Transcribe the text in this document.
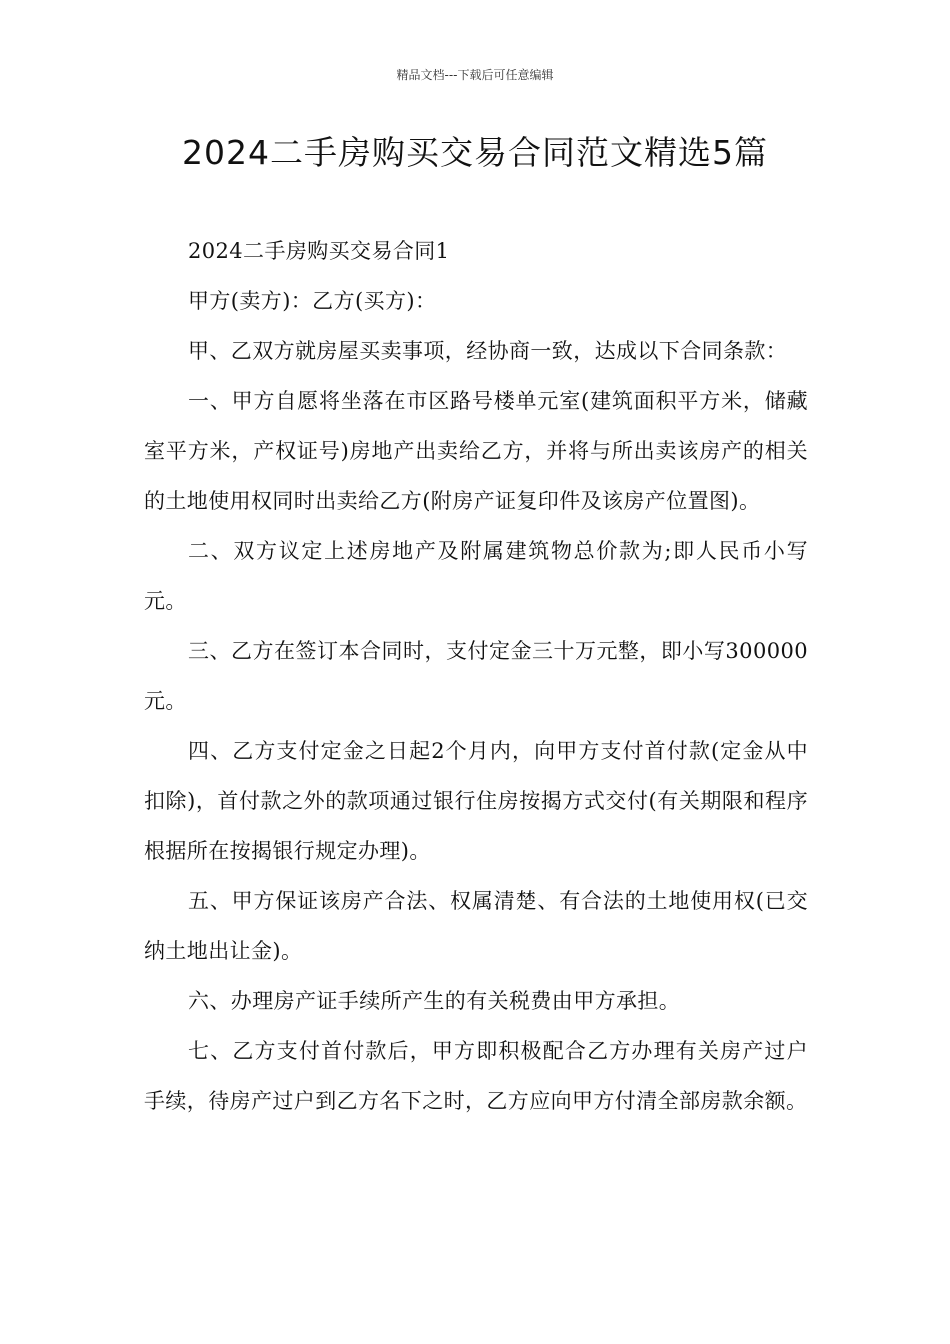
精品文档---下载后可任意编辑
2024二手房购买交易合同范文精选5篇

2024二手房购买交易合同1

甲方(卖方)：乙方(买方)：

甲、乙双方就房屋买卖事项，经协商一致，达成以下合同条款：

一、甲方自愿将坐落在市区路号楼单元室(建筑面积平方米，储藏室平方米，产权证号)房地产出卖给乙方，并将与所出卖该房产的相关的土地使用权同时出卖给乙方(附房产证复印件及该房产位置图)。

二、双方议定上述房地产及附属建筑物总价款为;即人民币小写元。

三、乙方在签订本合同时，支付定金三十万元整，即小写300000元。

四、乙方支付定金之日起2个月内，向甲方支付首付款(定金从中扣除)，首付款之外的款项通过银行住房按揭方式交付(有关期限和程序根据所在按揭银行规定办理)。

五、甲方保证该房产合法、权属清楚、有合法的土地使用权(已交纳土地出让金)。

六、办理房产证手续所产生的有关税费由甲方承担。

七、乙方支付首付款后，甲方即积极配合乙方办理有关房产过户手续，待房产过户到乙方名下之时，乙方应向甲方付清全部房款余额。
